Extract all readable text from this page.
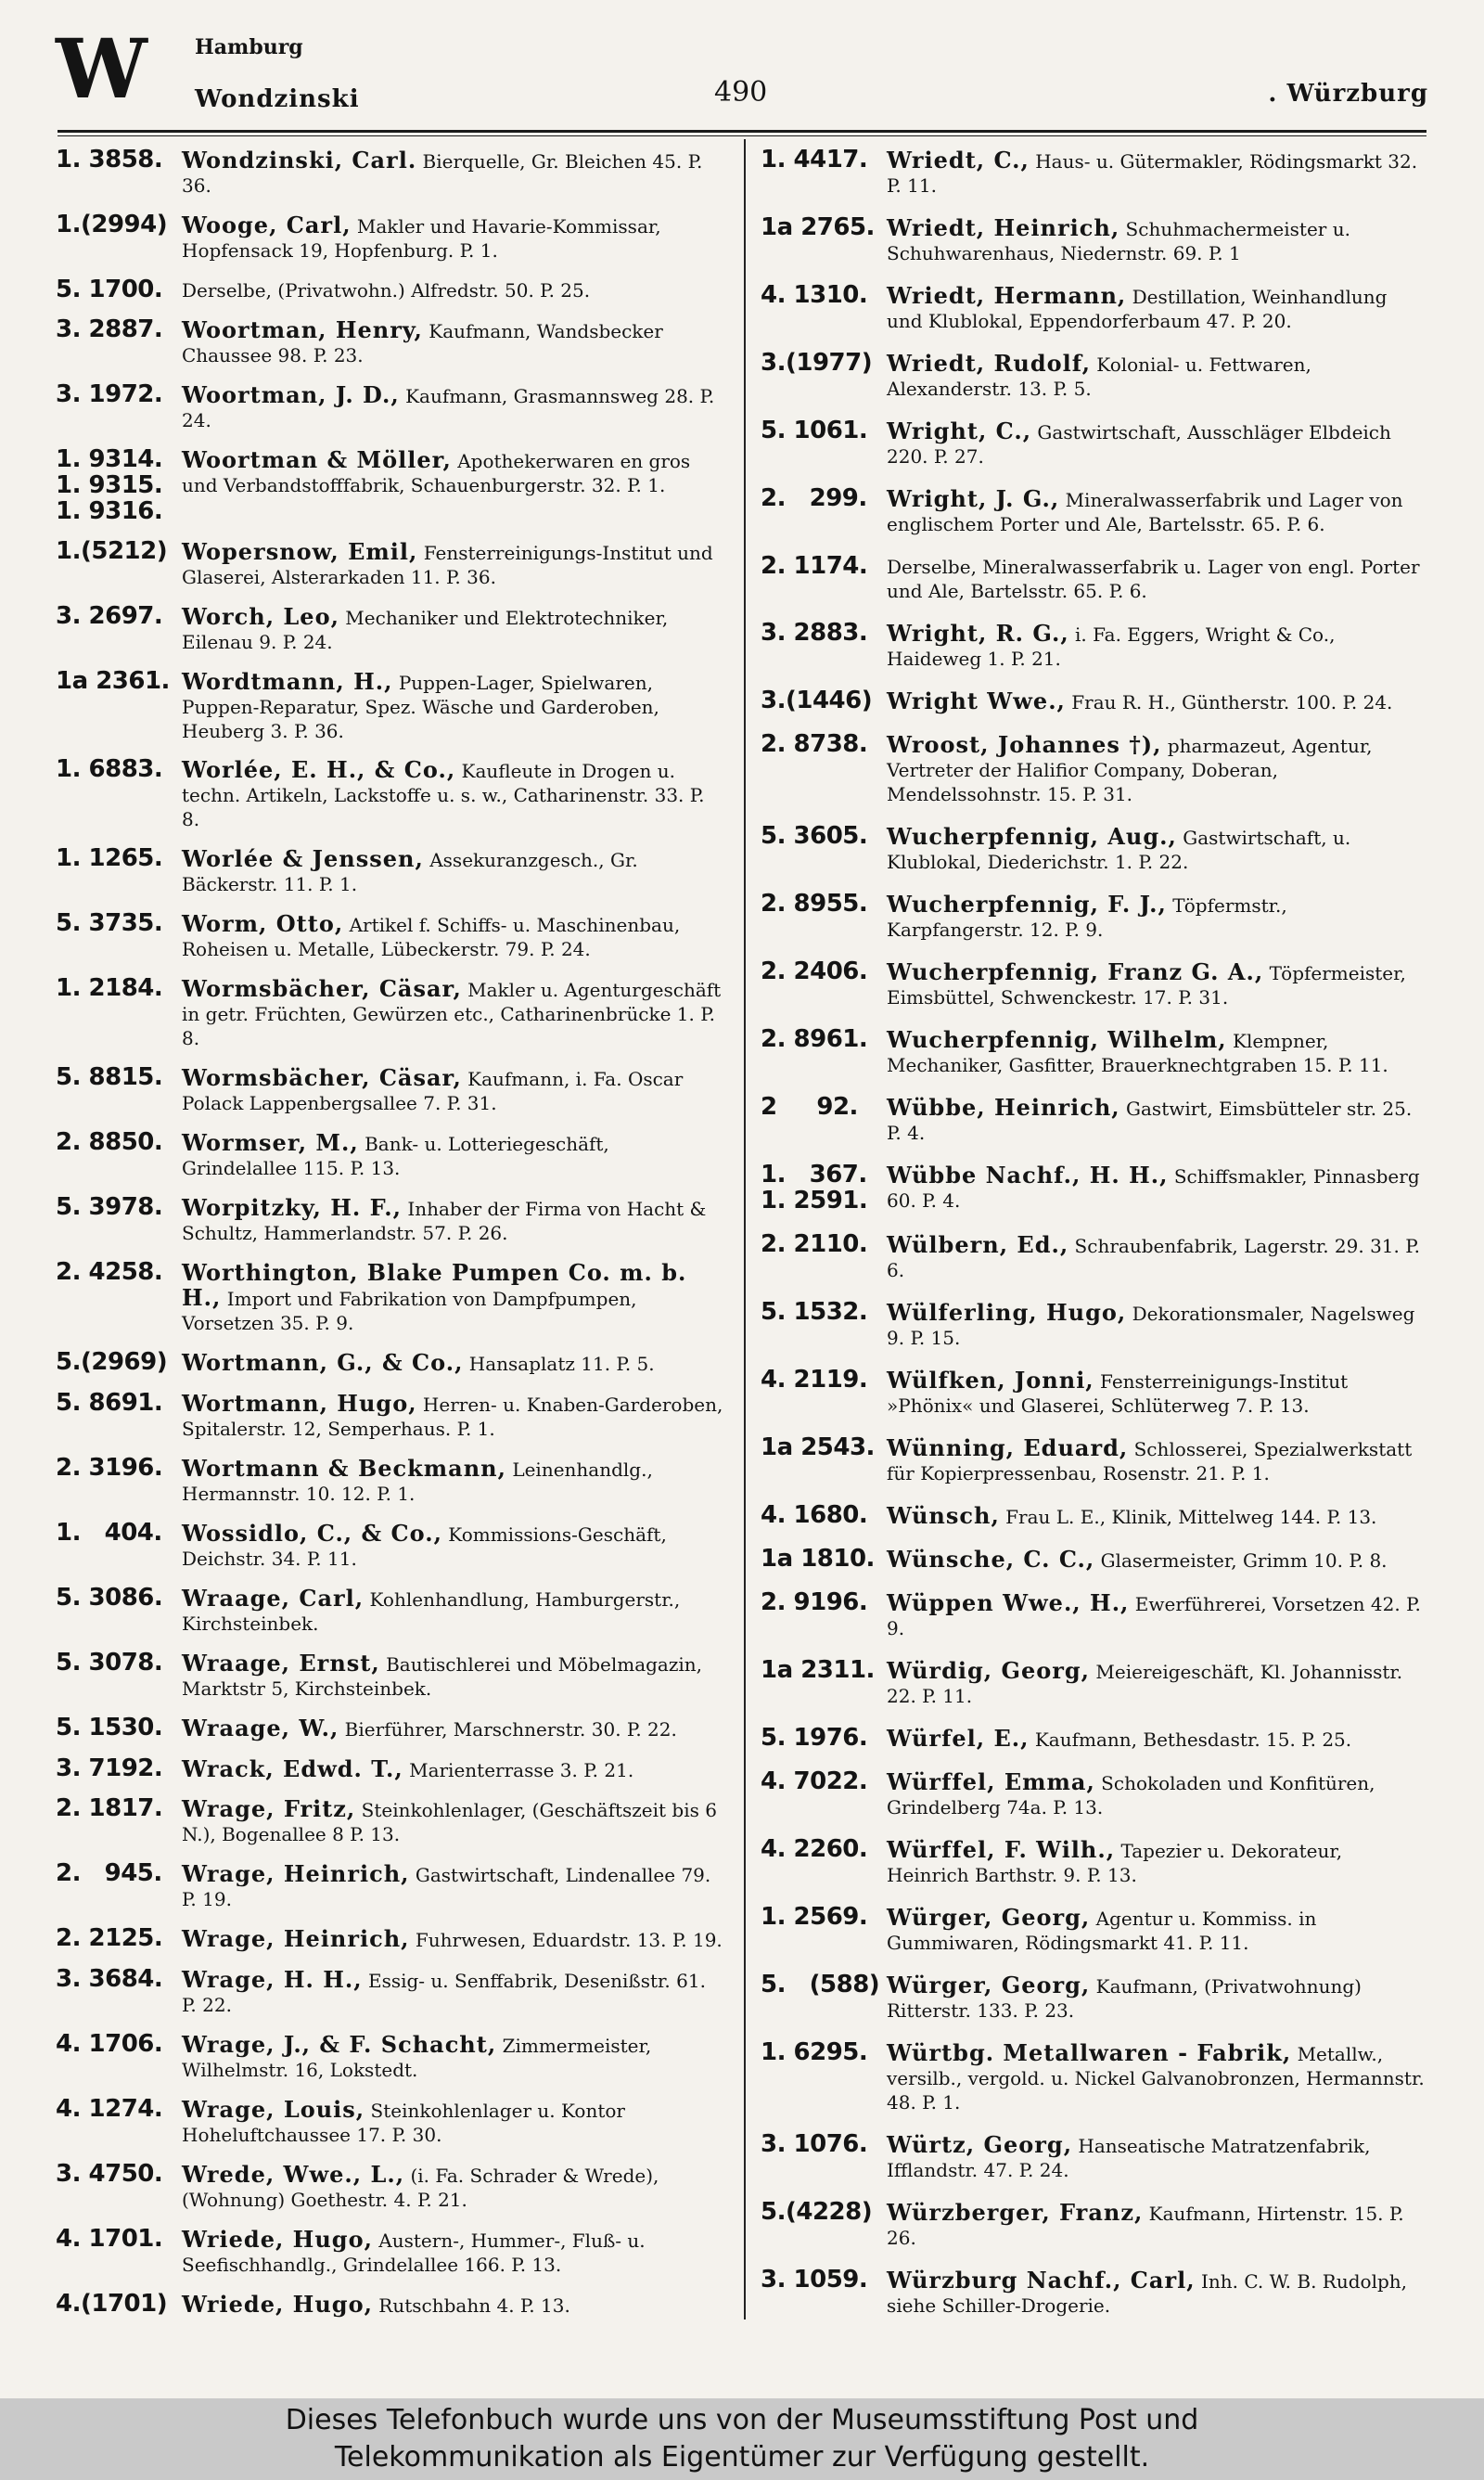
W Hamburg
Wondzinski	490	. Würzburg
1. 3858. Wondzinski, Carl. Bierquelle, Gr. Bleichen 45. P. 36.
1.(2994) Wooge, Carl, Makler und Havarie-Kommissar, Hopfensack 19, Hopfenburg. P. 1.
5. 1700.	Derselbe, (Privatwohn.) Alfredstr. 50. P. 25.
3. 2887. Woortman, Henry, Kaufmann, Wandsbecker Chaussee 98. P. 23.
3. 1972. Woortman, J. D., Kaufmann, Grasmannsweg 28. P. 24.
1. 9314.
1. 9315.
1. 9316.
Woortman & Möller, Apothekerwaren en gros und Verbandstofffabrik, Schauenburgerstr. 32. P. 1.
1.(5212) Wopersnow, Emil, Fensterreinigungs-Institut und Glaserei, Alsterarkaden 11. P. 36.
3. 2697. Worch, Leo, Mechaniker und Elektrotechniker, Eilenau 9. P. 24.
1a 2361. Wordtmann, H., Puppen-Lager, Spielwaren, Puppen-Reparatur, Spez. Wäsche und Garderoben, Heuberg 3. P. 36.
1. 6883. Worlée, E. H., & Co., Kaufleute in Drogen u. techn. Artikeln, Lackstoffe u. s. w., Catharinenstr. 33. P. 8.
1. 1265. Worlée & Jenssen, Assekuranzgesch., Gr. Bäckerstr. 11. P. 1.
5. 3735. Worm, Otto, Artikel f. Schiffs- u. Maschinenbau, Roheisen u. Metalle, Lübeckerstr. 79. P. 24.
1. 2184. Wormsbächer, Cäsar, Makler u. Agenturgeschäft in getr. Früchten, Gewürzen etc., Catharinenbrücke 1. P. 8.
5. 8815. Wormsbächer, Cäsar, Kaufmann, i. Fa. Oscar Polack Lappenbergsallee 7. P. 31.
2. 8850. Wormser, M., Bank- u. Lotteriegeschäft, Grindelallee 115. P. 13.
5. 3978. Worpitzky, H. F., Inhaber der Firma von Hacht & Schultz, Hammerlandstr. 57. P. 26.
2. 4258. Worthington, Blake Pumpen Co. m. b. H., Import und Fabrikation von Dampfpumpen, Vorsetzen 35. P. 9.
5.(2969) Wortmann, G., & Co., Hansaplatz 11. P. 5.
5. 8691. Wortmann, Hugo, Herren- u. Knaben-Garderoben, Spitalerstr. 12, Semperhaus. P. 1.
2. 3196. Wortmann & Beckmann, Leinenhandlg., Hermannstr. 10. 12. P. 1.
1.   404. Wossidlo, C., & Co., Kommissions-Geschäft, Deichstr. 34. P. 11.
5. 3086. Wraage, Carl, Kohlenhandlung, Hamburgerstr., Kirchsteinbek.
5. 3078. Wraage, Ernst, Bautischlerei und Möbelmagazin, Marktstr 5, Kirchsteinbek.
5. 1530. Wraage, W., Bierführer, Marschnerstr. 30. P. 22.
3. 7192. Wrack, Edwd. T., Marienterrasse 3. P. 21.
2. 1817. Wrage, Fritz, Steinkohlenlager, (Geschäftszeit bis 6 N.), Bogenallee 8 P. 13.
2.   945. Wrage, Heinrich, Gastwirtschaft, Lindenallee 79. P. 19.
2. 2125. Wrage, Heinrich, Fuhrwesen, Eduardstr. 13. P. 19.
3. 3684. Wrage, H. H., Essig- u. Senffabrik, Desenißstr. 61. P. 22.
4. 1706. Wrage, J., & F. Schacht, Zimmermeister, Wilhelmstr. 16, Lokstedt.
4. 1274. Wrage, Louis, Steinkohlenlager u. Kontor Hoheluftchaussee 17. P. 30.
3. 4750. Wrede, Wwe., L., (i. Fa. Schrader & Wrede), (Wohnung) Goethestr. 4. P. 21.
4. 1701. Wriede, Hugo, Austern-, Hummer-, Fluß- u. Seefischhandlg., Grindelallee 166. P. 13.
4.(1701) Wriede, Hugo, Rutschbahn 4. P. 13.
1. 4417. Wriedt, C., Haus- u. Gütermakler, Rödingsmarkt 32. P. 11.
1a 2765. Wriedt, Heinrich, Schuhmachermeister u. Schuhwarenhaus, Niedernstr. 69. P. 1
4. 1310. Wriedt, Hermann, Destillation, Weinhandlung und Klublokal, Eppendorferbaum 47. P. 20.
3.(1977) Wriedt, Rudolf, Kolonial- u. Fettwaren, Alexanderstr. 13. P. 5.
5. 1061. Wright, C., Gastwirtschaft, Ausschläger Elbdeich 220. P. 27.
2.   299. Wright, J. G., Mineralwasserfabrik und Lager von englischem Porter und Ale, Bartelsstr. 65. P. 6.
2. 1174.	Derselbe, Mineralwasserfabrik u. Lager von engl. Porter und Ale, Bartelsstr. 65. P. 6.
3. 2883. Wright, R. G., i. Fa. Eggers, Wright & Co., Haideweg 1. P. 21.
3.(1446) Wright Wwe., Frau R. H., Güntherstr. 100. P. 24.
2. 8738. Wroost, Johannes †), pharmazeut, Agentur, Vertreter der Halifior Company, Doberan, Mendelssohnstr. 15. P. 31.
5. 3605. Wucherpfennig, Aug., Gastwirtschaft, u. Klublokal, Diederichstr. 1. P. 22.
2. 8955. Wucherpfennig, F. J., Töpfermstr., Karpfangerstr. 12. P. 9.
2. 2406. Wucherpfennig, Franz G. A., Töpfermeister, Eimsbüttel, Schwenckestr. 17. P. 31.
2. 8961. Wucherpfennig, Wilhelm, Klempner, Mechaniker, Gasfitter, Brauerknechtgraben 15. P. 11.
2     92.	Wübbe, Heinrich, Gastwirt, Eimsbütteler str. 25. P. 4.
1.   367.
1. 2591.
Wübbe Nachf., H. H., Schiffsmakler, Pinnasberg 60. P. 4.
2. 2110. Wülbern, Ed., Schraubenfabrik, Lagerstr. 29. 31. P. 6.
5. 1532. Wülferling, Hugo, Dekorationsmaler, Nagelsweg 9. P. 15.
4. 2119. Wülfken, Jonni, Fensterreinigungs-Institut »Phönix« und Glaserei, Schlüterweg 7. P. 13.
1a 2543. Wünning, Eduard, Schlosserei, Spezialwerkstatt für Kopierpressenbau, Rosenstr. 21. P. 1.
4. 1680. Wünsch, Frau L. E., Klinik, Mittelweg 144. P. 13.
1a 1810. Wünsche, C. C., Glasermeister, Grimm 10. P. 8.
2. 9196. Wüppen Wwe., H., Ewerführerei, Vorsetzen 42. P. 9.
1a 2311. Würdig, Georg, Meiereigeschäft, Kl. Johannisstr. 22. P. 11.
5. 1976. Würfel, E., Kaufmann, Bethesdastr. 15. P. 25.
4. 7022. Würffel, Emma, Schokoladen und Konfitüren, Grindelberg 74a. P. 13.
4. 2260. Würffel, F. Wilh., Tapezier u. Dekorateur, Heinrich Barthstr. 9. P. 13.
1. 2569. Würger, Georg, Agentur u. Kommiss. in Gummiwaren, Rödingsmarkt 41. P. 11.
5.   (588) Würger, Georg, Kaufmann, (Privatwohnung) Ritterstr. 133. P. 23.
1. 6295. Würtbg. Metallwaren - Fabrik, Metallw., versilb., vergold. u. Nickel Galvanobronzen, Hermannstr. 48. P. 1.
3. 1076. Würtz, Georg, Hanseatische Matratzenfabrik, Ifflandstr. 47. P. 24.
5.(4228) Würzberger, Franz, Kaufmann, Hirtenstr. 15. P. 26.
3. 1059. Würzburg Nachf., Carl, Inh. C. W. B. Rudolph, siehe Schiller-Drogerie.
Dieses Telefonbuch wurde uns von der Museumsstiftung Post und
Telekommunikation als Eigentümer zur Verfügung gestellt.
